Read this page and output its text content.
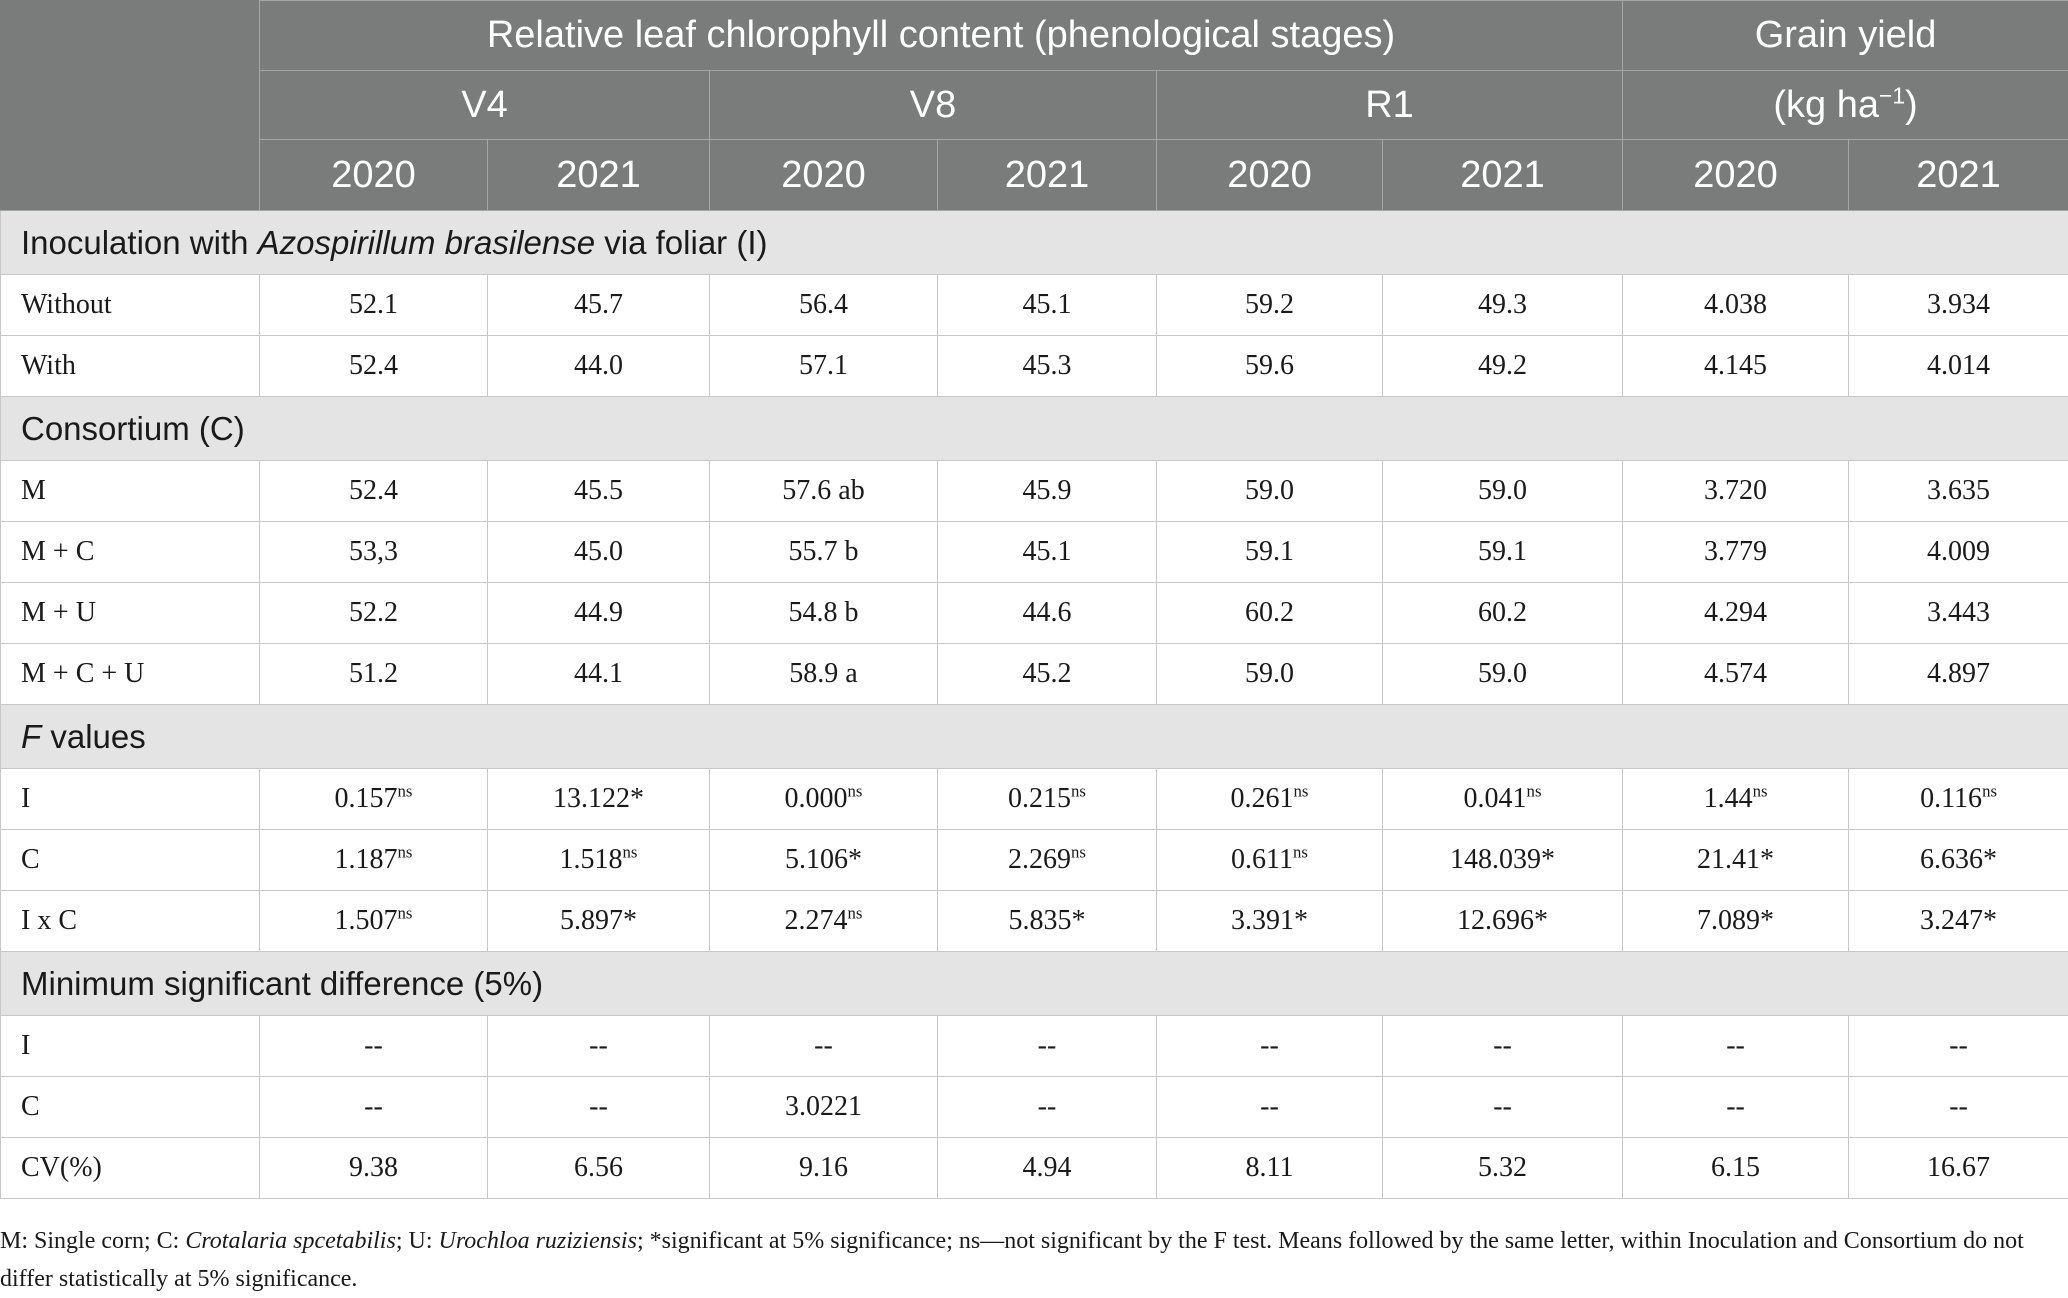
	Relative leaf chlorophyll content (phenological stages)						Grain yield	
	V4		V8		R1		(kg $ha^{-1}$)	
	2020	2021	2020	2021	2020	2021	2020	2021
Inoculation with Azospirillum brasilense via foliar (I)								
Without	52.1	45.7	56.4	45.1	59.2	49.3	4.038	3.934
With	52.4	44.0	57.1	45.3	59.6	49.2	4.145	4.014
Consortium (C)								
M	52.4	45.5	57.6 ab	45.9	59.0	59.0	3.720	3.635
M + C	53,3	45.0	55.7 b	45.1	59.1	59.1	3.779	4.009
M + U	52.2	44.9	54.8 b	44.6	60.2	60.2	4.294	3.443
M + C + U	51.2	44.1	58.9 a	45.2	59.0	59.0	4.574	4.897
F values								
I	$0.157^{ns}$	13.122*	$0.000^{ns}$	$0.215^{ns}$	$0.261^{ns}$	$0.041^{ns}$	$1.44^{ns}$	$0.116^{ns}$
C	$1.187^{ns}$	$1.518^{ns}$	5.106*	$2.269^{ns}$	$0.611^{ns}$	148.039*	21.41*	6.636*
I x C	$1.507^{ns}$	5.897*	$2.274^{ns}$	5.835*	3.391*	12.696*	7.089*	3.247*
Minimum significant difference (5%)								
I	--	--	--	--	--	--	--	--
C	--	--	3.0221	--	--	--	--	--
CV(%)	9.38	6.56	9.16	4.94	8.11	5.32	6.15	16.67
M: Single corn; C: Crotalaria spcetabilis; U: Urochloa ruziziensis; *significant at 5% significance; ns—not significant by the F test. Means followed by the same letter, within Inoculation and Consortium do not differ statistically at 5% significance.
